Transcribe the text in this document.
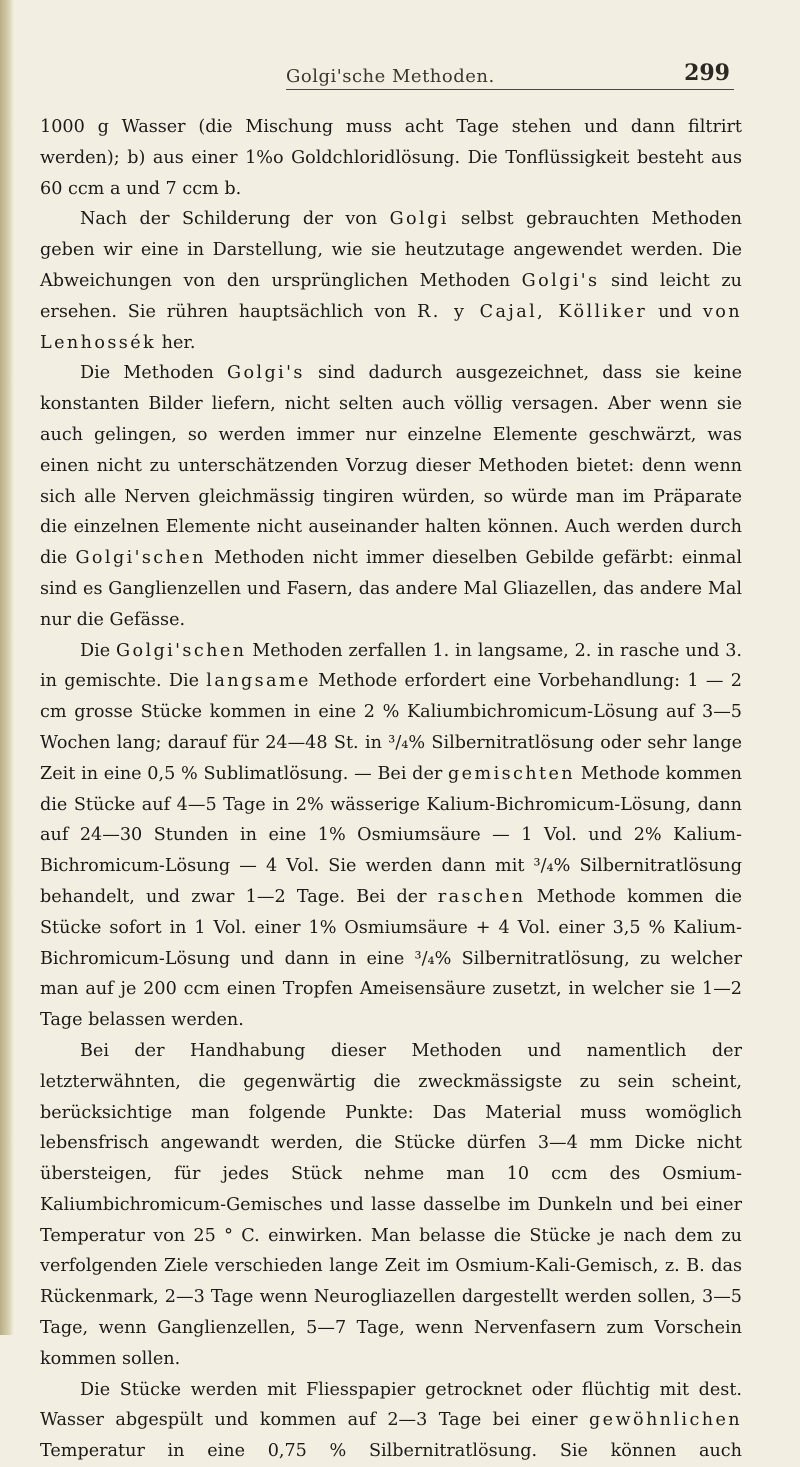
Golgi'sche Methoden.	299

1000 g Wasser (die Mischung muss acht Tage stehen und dann filtrirt werden); b) aus einer 1%o Goldchloridlösung. Die Tonflüssigkeit besteht aus 60 ccm a und 7 ccm b.

Nach der Schilderung der von Golgi selbst gebrauchten Methoden geben wir eine in Darstellung, wie sie heutzutage angewendet werden. Die Abweichungen von den ursprünglichen Methoden Golgi's sind leicht zu ersehen. Sie rühren hauptsächlich von R. y Cajal, Kölliker und von Lenhossék her.

Die Methoden Golgi's sind dadurch ausgezeichnet, dass sie keine konstanten Bilder liefern, nicht selten auch völlig versagen. Aber wenn sie auch gelingen, so werden immer nur einzelne Elemente geschwärzt, was einen nicht zu unterschätzenden Vorzug dieser Methoden bietet: denn wenn sich alle Nerven gleichmässig tingiren würden, so würde man im Präparate die einzelnen Elemente nicht auseinander halten können. Auch werden durch die Golgi'schen Methoden nicht immer dieselben Gebilde gefärbt: einmal sind es Ganglienzellen und Fasern, das andere Mal Gliazellen, das andere Mal nur die Gefässe.

Die Golgi'schen Methoden zerfallen 1. in langsame, 2. in rasche und 3. in gemischte. Die langsame Methode erfordert eine Vorbehandlung: 1 — 2 cm grosse Stücke kommen in eine 2 % Kaliumbichromicum-Lösung auf 3—5 Wochen lang; darauf für 24—48 St. in ³/₄% Silbernitratlösung oder sehr lange Zeit in eine 0,5 % Sublimatlösung. — Bei der gemischten Methode kommen die Stücke auf 4—5 Tage in 2% wässerige Kalium-Bichromicum-Lösung, dann auf 24—30 Stunden in eine 1% Osmiumsäure — 1 Vol. und 2% Kalium-Bichromicum-Lösung — 4 Vol. Sie werden dann mit ³/₄% Silbernitratlösung behandelt, und zwar 1—2 Tage. Bei der raschen Methode kommen die Stücke sofort in 1 Vol. einer 1% Osmiumsäure + 4 Vol. einer 3,5 % Kalium-Bichromicum-Lösung und dann in eine ³/₄% Silbernitratlösung, zu welcher man auf je 200 ccm einen Tropfen Ameisensäure zusetzt, in welcher sie 1—2 Tage belassen werden.

Bei der Handhabung dieser Methoden und namentlich der letzterwähnten, die gegenwärtig die zweckmässigste zu sein scheint, berücksichtige man folgende Punkte: Das Material muss womöglich lebensfrisch angewandt werden, die Stücke dürfen 3—4 mm Dicke nicht übersteigen, für jedes Stück nehme man 10 ccm des Osmium-Kaliumbichromicum-Gemisches und lasse dasselbe im Dunkeln und bei einer Temperatur von 25 ° C. einwirken. Man belasse die Stücke je nach dem zu verfolgenden Ziele verschieden lange Zeit im Osmium-Kali-Gemisch, z. B. das Rückenmark, 2—3 Tage wenn Neurogliazellen dargestellt werden sollen, 3—5 Tage, wenn Ganglienzellen, 5—7 Tage, wenn Nervenfasern zum Vorschein kommen sollen.

Die Stücke werden mit Fliesspapier getrocknet oder flüchtig mit dest. Wasser abgespült und kommen auf 2—3 Tage bei einer gewöhnlichen Temperatur in eine 0,75 % Silbernitratlösung. Sie können auch
